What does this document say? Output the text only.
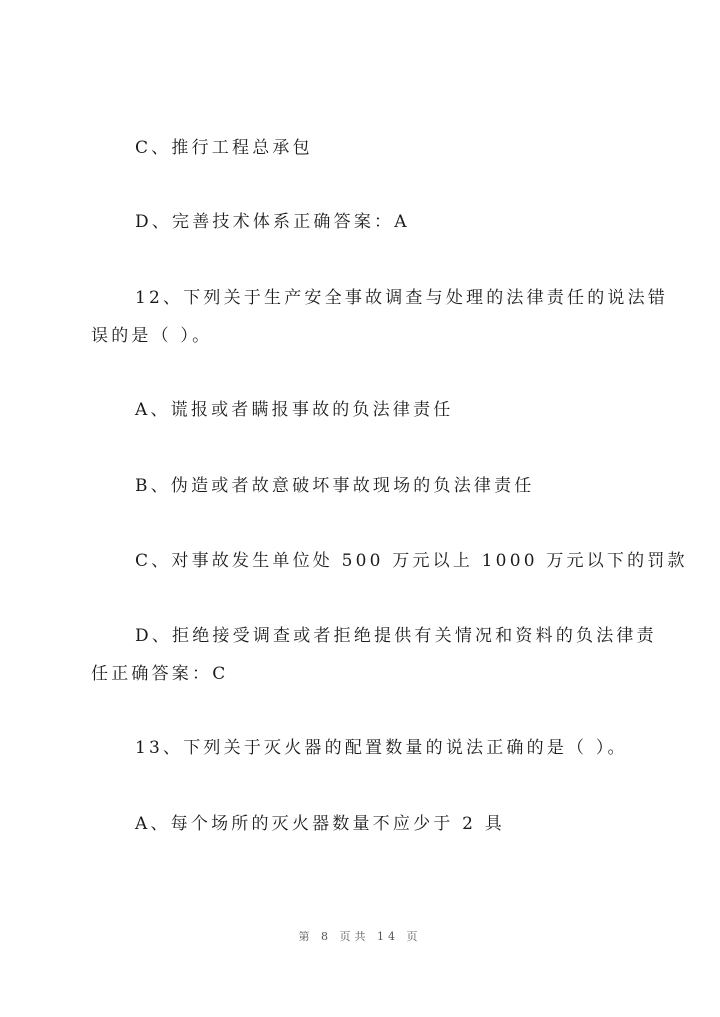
C、推行工程总承包
D、完善技术体系正确答案：A
12、下列关于生产安全事故调查与处理的法律责任的说法错
误的是（ ）。
A、谎报或者瞒报事故的负法律责任
B、伪造或者故意破坏事故现场的负法律责任
C、对事故发生单位处 500 万元以上 1000 万元以下的罚款
D、拒绝接受调查或者拒绝提供有关情况和资料的负法律责
任正确答案：C
13、下列关于灭火器的配置数量的说法正确的是（ ）。
A、每个场所的灭火器数量不应少于 2 具
第 8 页共 14 页
